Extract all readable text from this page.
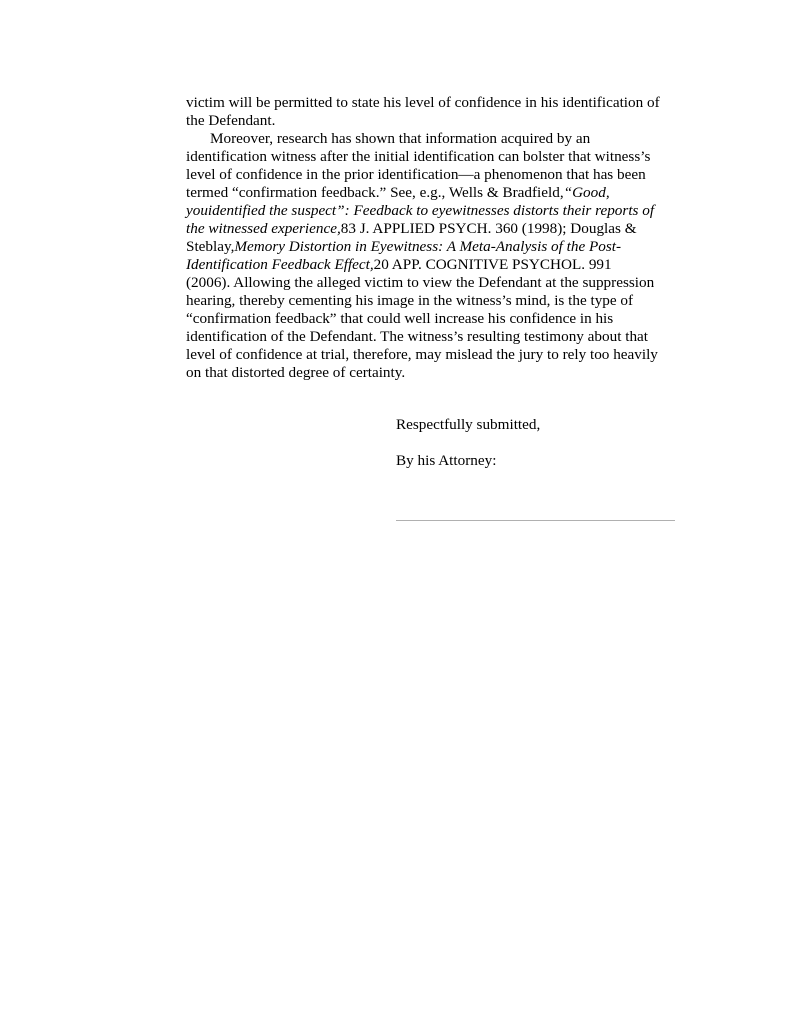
victim will be permitted to state his level of confidence in his identification of
the Defendant.
Moreover, research has shown that information acquired by an
identification witness after the initial identification can bolster that witness’s
level of confidence in the prior identification—a phenomenon that has been
termed “confirmation feedback.” See, e.g., Wells & Bradfield,“Good,
youidentified the suspect”: Feedback to eyewitnesses distorts their reports of
the witnessed experience,83 J. APPLIED PSYCH. 360 (1998); Douglas &
Steblay,Memory Distortion in Eyewitness: A Meta-Analysis of the Post-
Identification Feedback Effect,20 APP. COGNITIVE PSYCHOL. 991
(2006). Allowing the alleged victim to view the Defendant at the suppression
hearing, thereby cementing his image in the witness’s mind, is the type of
“confirmation feedback” that could well increase his confidence in his
identification of the Defendant. The witness’s resulting testimony about that
level of confidence at trial, therefore, may mislead the jury to rely too heavily
on that distorted degree of certainty.
Respectfully submitted,
By his Attorney:
